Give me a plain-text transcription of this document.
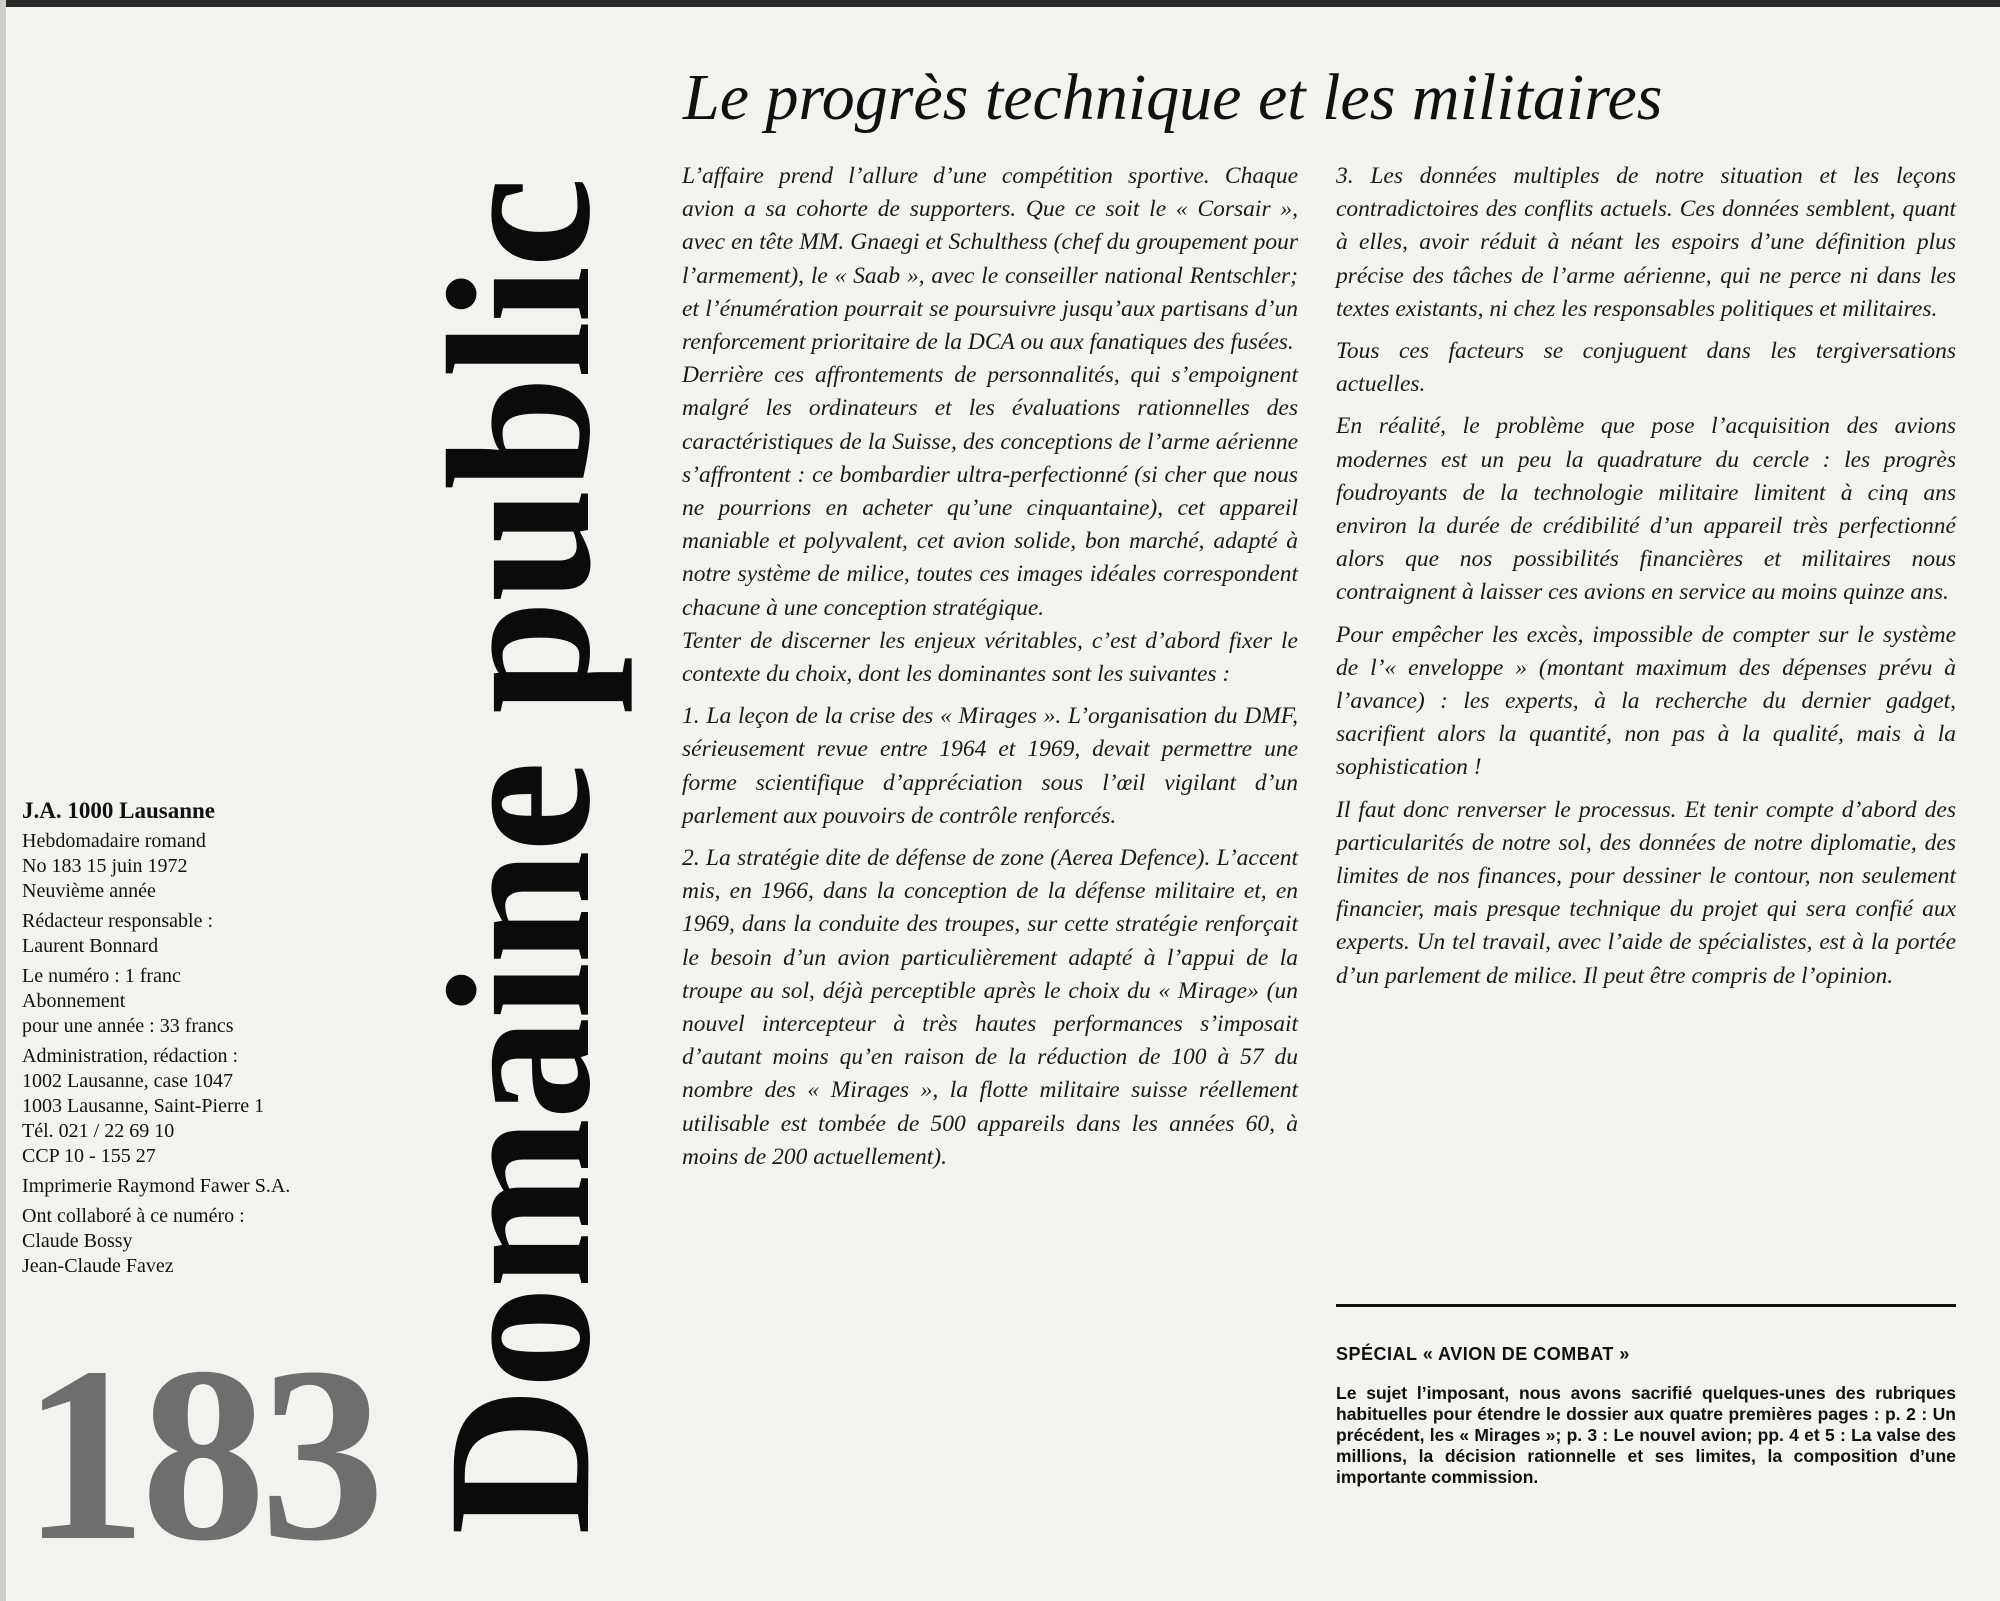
Domaine public
J.A. 1000 Lausanne
Hebdomadaire romand
No 183 15 juin 1972
Neuvième année
Rédacteur responsable :
Laurent Bonnard
Le numéro : 1 franc
Abonnement
pour une année : 33 francs
Administration, rédaction :
1002 Lausanne, case 1047
1003 Lausanne, Saint-Pierre 1
Tél. 021 / 22 69 10
CCP 10 - 155 27
Imprimerie Raymond Fawer S.A.
Ont collaboré à ce numéro :
Claude Bossy
Jean-Claude Favez
183
Le progrès technique et les militaires

L’affaire prend l’allure d’une compétition sportive. Chaque avion a sa cohorte de supporters. Que ce soit le « Corsair », avec en tête MM. Gnaegi et Schulthess (chef du groupement pour l’armement), le « Saab », avec le conseiller national Rentschler; et l’énumération pourrait se poursuivre jusqu’aux partisans d’un renforcement prioritaire de la DCA ou aux fanatiques des fusées.

Derrière ces affrontements de personnalités, qui s’empoignent malgré les ordinateurs et les évaluations rationnelles des caractéristiques de la Suisse, des conceptions de l’arme aérienne s’affrontent : ce bombardier ultra-perfectionné (si cher que nous ne pourrions en acheter qu’une cinquantaine), cet appareil maniable et polyvalent, cet avion solide, bon marché, adapté à notre système de milice, toutes ces images idéales correspondent chacune à une conception stratégique.

Tenter de discerner les enjeux véritables, c’est d’abord fixer le contexte du choix, dont les dominantes sont les suivantes :

1. La leçon de la crise des « Mirages ». L’organisation du DMF, sérieusement revue entre 1964 et 1969, devait permettre une forme scientifique d’appréciation sous l’œil vigilant d’un parlement aux pouvoirs de contrôle renforcés.

2. La stratégie dite de défense de zone (Aerea Defence). L’accent mis, en 1966, dans la conception de la défense militaire et, en 1969, dans la conduite des troupes, sur cette stratégie renforçait le besoin d’un avion particulièrement adapté à l’appui de la troupe au sol, déjà perceptible après le choix du « Mirage» (un nouvel intercepteur à très hautes performances s’imposait d’autant moins qu’en raison de la réduction de 100 à 57 du nombre des « Mirages », la flotte militaire suisse réellement utilisable est tombée de 500 appareils dans les années 60, à moins de 200 actuellement).

3. Les données multiples de notre situation et les leçons contradictoires des conflits actuels. Ces données semblent, quant à elles, avoir réduit à néant les espoirs d’une définition plus précise des tâches de l’arme aérienne, qui ne perce ni dans les textes existants, ni chez les responsables politiques et militaires.

Tous ces facteurs se conjuguent dans les tergiversations actuelles.

En réalité, le problème que pose l’acquisition des avions modernes est un peu la quadrature du cercle : les progrès foudroyants de la technologie militaire limitent à cinq ans environ la durée de crédibilité d’un appareil très perfectionné alors que nos possibilités financières et militaires nous contraignent à laisser ces avions en service au moins quinze ans.

Pour empêcher les excès, impossible de compter sur le système de l’« enveloppe » (montant maximum des dépenses prévu à l’avance) : les experts, à la recherche du dernier gadget, sacrifient alors la quantité, non pas à la qualité, mais à la sophistication !

Il faut donc renverser le processus. Et tenir compte d’abord des particularités de notre sol, des données de notre diplomatie, des limites de nos finances, pour dessiner le contour, non seulement financier, mais presque technique du projet qui sera confié aux experts. Un tel travail, avec l’aide de spécialistes, est à la portée d’un parlement de milice. Il peut être compris de l’opinion.

SPÉCIAL « AVION DE COMBAT »
Le sujet l’imposant, nous avons sacrifié quelques-unes des rubriques habituelles pour étendre le dossier aux quatre premières pages : p. 2 : Un précédent, les « Mirages »; p. 3 : Le nouvel avion; pp. 4 et 5 : La valse des millions, la décision rationnelle et ses limites, la composition d’une importante commission.
